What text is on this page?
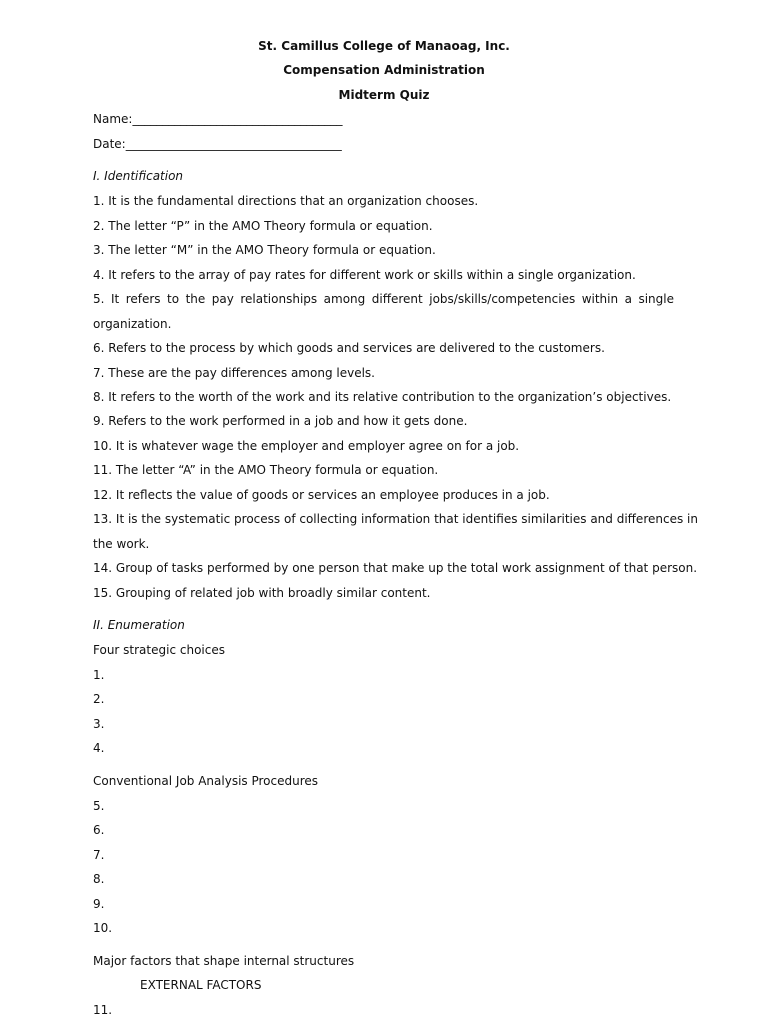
St. Camillus College of Manaoag, Inc.
Compensation Administration
Midterm Quiz
Name:___________________________________
Date:____________________________________
I. Identification
1. It is the fundamental directions that an organization chooses.
2. The letter “P” in the AMO Theory formula or equation.
3. The letter “M” in the AMO Theory formula or equation.
4. It refers to the array of pay rates for different work or skills within a single organization.
5. It refers to the pay relationships among different jobs/skills/competencies within a single
organization.
6. Refers to the process by which goods and services are delivered to the customers.
7. These are the pay differences among levels.
8. It refers to the worth of the work and its relative contribution to the organization’s objectives.
9. Refers to the work performed in a job and how it gets done.
10. It is whatever wage the employer and employer agree on for a job.
11. The letter “A” in the AMO Theory formula or equation.
12. It reflects the value of goods or services an employee produces in a job.
13. It is the systematic process of collecting information that identifies similarities and differences in
the work.
14. Group of tasks performed by one person that make up the total work assignment of that person.
15. Grouping of related job with broadly similar content.
II. Enumeration
Four strategic choices
1.
2.
3.
4.
Conventional Job Analysis Procedures
5.
6.
7.
8.
9.
10.
Major factors that shape internal structures
EXTERNAL FACTORS
11.
